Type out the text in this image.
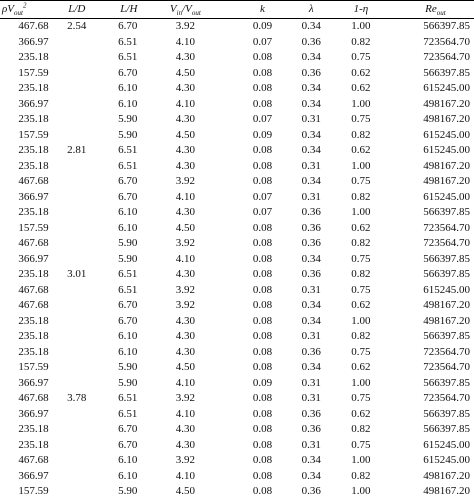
$\rho V_{out}^2$	L/D	L/H	$V_{in}/V_{out}$	k	λ	1-η	$Re_{out}$
467.68	2.54	6.70	3.92	0.09	0.34	1.00	566397.85
366.97		6.51	4.10	0.07	0.36	0.82	723564.70
235.18		6.51	4.30	0.08	0.34	0.75	723564.70
157.59		6.70	4.50	0.08	0.36	0.62	566397.85
235.18		6.10	4.30	0.08	0.34	0.62	615245.00
366.97		6.10	4.10	0.08	0.34	1.00	498167.20
235.18		5.90	4.30	0.07	0.31	0.75	498167.20
157.59		5.90	4.50	0.09	0.34	0.82	615245.00
235.18	2.81	6.51	4.30	0.08	0.34	0.62	615245.00
235.18		6.51	4.30	0.08	0.31	1.00	498167.20
467.68		6.70	3.92	0.08	0.34	0.75	498167.20
366.97		6.70	4.10	0.07	0.31	0.82	615245.00
235.18		6.10	4.30	0.07	0.36	1.00	566397.85
157.59		6.10	4.50	0.08	0.36	0.62	723564.70
467.68		5.90	3.92	0.08	0.36	0.82	723564.70
366.97		5.90	4.10	0.08	0.34	0.75	566397.85
235.18	3.01	6.51	4.30	0.08	0.36	0.82	566397.85
467.68		6.51	3.92	0.08	0.31	0.75	615245.00
467.68		6.70	3.92	0.08	0.34	0.62	498167.20
235.18		6.70	4.30	0.08	0.34	1.00	498167.20
235.18		6.10	4.30	0.08	0.31	0.82	566397.85
235.18		6.10	4.30	0.08	0.36	0.75	723564.70
157.59		5.90	4.50	0.08	0.34	0.62	723564.70
366.97		5.90	4.10	0.09	0.31	1.00	566397.85
467.68	3.78	6.51	3.92	0.08	0.31	0.75	723564.70
366.97		6.51	4.10	0.08	0.36	0.62	566397.85
235.18		6.70	4.30	0.08	0.36	0.82	566397.85
235.18		6.70	4.30	0.08	0.31	0.75	615245.00
467.68		6.10	3.92	0.08	0.34	1.00	615245.00
366.97		6.10	4.10	0.08	0.34	0.82	498167.20
157.59		5.90	4.50	0.08	0.36	1.00	498167.20
